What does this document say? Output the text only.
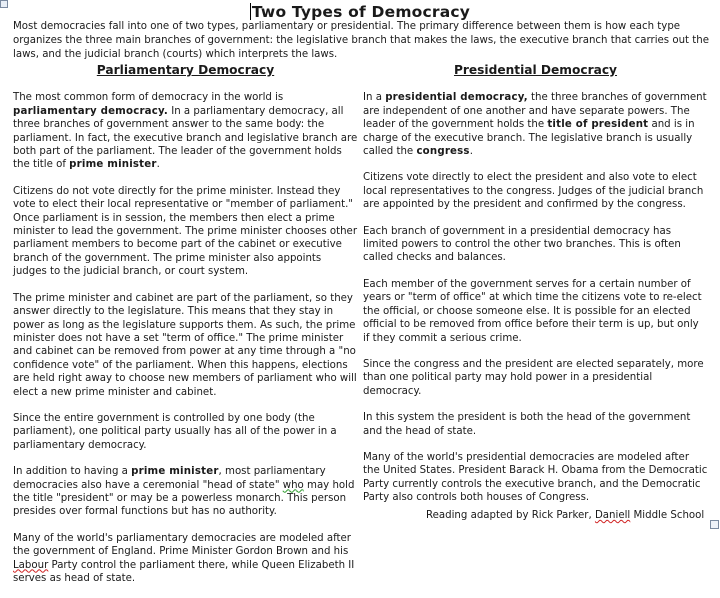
Two Types of Democracy
Most democracies fall into one of two types, parliamentary or presidential. The primary difference between them is how each type organizes the three main branches of government: the legislative branch that makes the laws, the executive branch that carries out the laws, and the judicial branch (courts) which interprets the laws.
Parliamentary Democracy

The most common form of democracy in the world is parliamentary democracy. In a parliamentary democracy, all three branches of government answer to the same body: the parliament. In fact, the executive branch and legislative branch are both part of the parliament. The leader of the government holds the title of prime minister.

Citizens do not vote directly for the prime minister. Instead they vote to elect their local representative or "member of parliament." Once parliament is in session, the members then elect a prime minister to lead the government. The prime minister chooses other parliament members to become part of the cabinet or executive branch of the government. The prime minister also appoints judges to the judicial branch, or court system.

The prime minister and cabinet are part of the parliament, so they answer directly to the legislature. This means that they stay in power as long as the legislature supports them. As such, the prime minister does not have a set "term of office." The prime minister and cabinet can be removed from power at any time through a "no confidence vote" of the parliament. When this happens, elections are held right away to choose new members of parliament who will elect a new prime minister and cabinet.

Since the entire government is controlled by one body (the parliament), one political party usually has all of the power in a parliamentary democracy.

In addition to having a prime minister, most parliamentary democracies also have a ceremonial "head of state" who may hold the title "president" or may be a powerless monarch. This person presides over formal functions but has no authority.

Many of the world's parliamentary democracies are modeled after the government of England. Prime Minister Gordon Brown and his Labour Party control the parliament there, while Queen Elizabeth II serves as head of state.

Presidential Democracy

In a presidential democracy, the three branches of government are independent of one another and have separate powers. The leader of the government holds the title of president and is in charge of the executive branch. The legislative branch is usually called the congress.

Citizens vote directly to elect the president and also vote to elect local representatives to the congress. Judges of the judicial branch are appointed by the president and confirmed by the congress.

Each branch of government in a presidential democracy has limited powers to control the other two branches. This is often called checks and balances.

Each member of the government serves for a certain number of years or "term of office" at which time the citizens vote to re-elect the official, or choose someone else. It is possible for an elected official to be removed from office before their term is up, but only if they commit a serious crime.

Since the congress and the president are elected separately, more than one political party may hold power in a presidential democracy.

In this system the president is both the head of the government and the head of state.

Many of the world's presidential democracies are modeled after the United States. President Barack H. Obama from the Democratic Party currently controls the executive branch, and the Democratic Party also controls both houses of Congress.

Reading adapted by Rick Parker, Daniell Middle School
